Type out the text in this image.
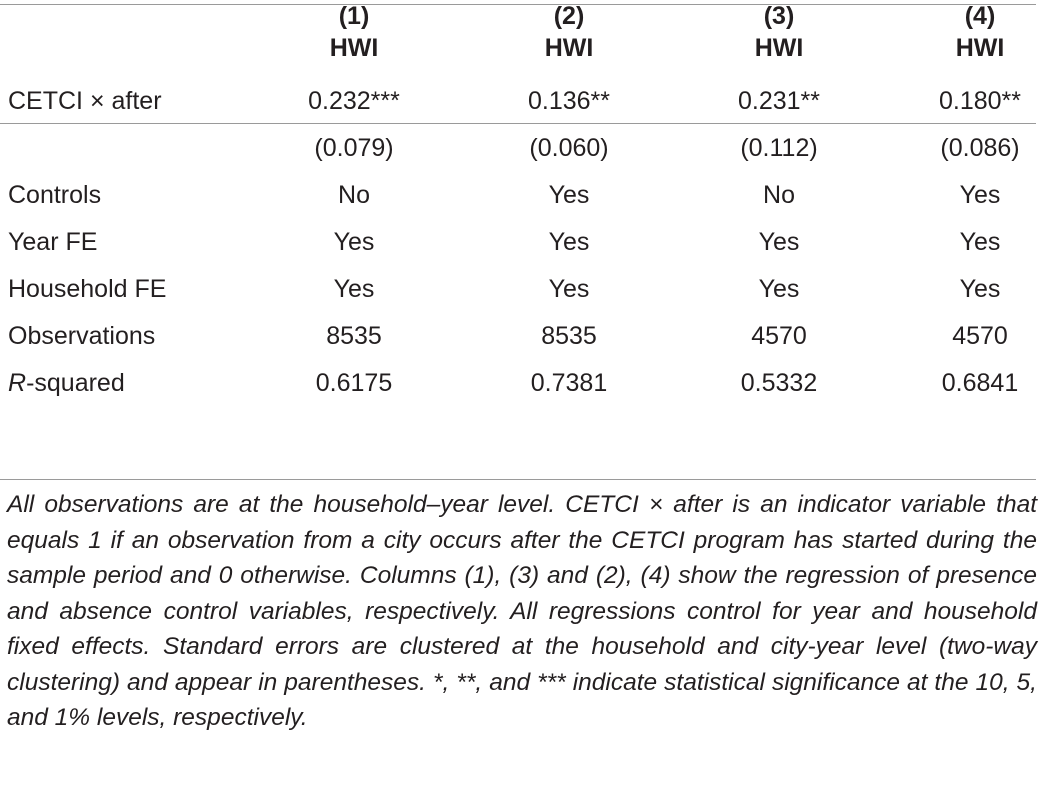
	(1)	(2)	(3)	(4)
	HWI	HWI	HWI	HWI
CETCI × after	0.232***	0.136**	0.231**	0.180**
	(0.079)	(0.060)	(0.112)	(0.086)
Controls	No	Yes	No	Yes
Year FE	Yes	Yes	Yes	Yes
Household FE	Yes	Yes	Yes	Yes
Observations	8535	8535	4570	4570
R-squared	0.6175	0.7381	0.5332	0.6841
All observations are at the household–year level. CETCI × after is an indicator variable that equals 1 if an observation from a city occurs after the CETCI program has started during the sample period and 0 otherwise. Columns (1), (3) and (2), (4) show the regression of presence and absence control variables, respectively. All regressions control for year and household fixed effects. Standard errors are clustered at the household and city-year level (two-way clustering) and appear in parentheses. *, **, and *** indicate statistical significance at the 10, 5, and 1% levels, respectively.
